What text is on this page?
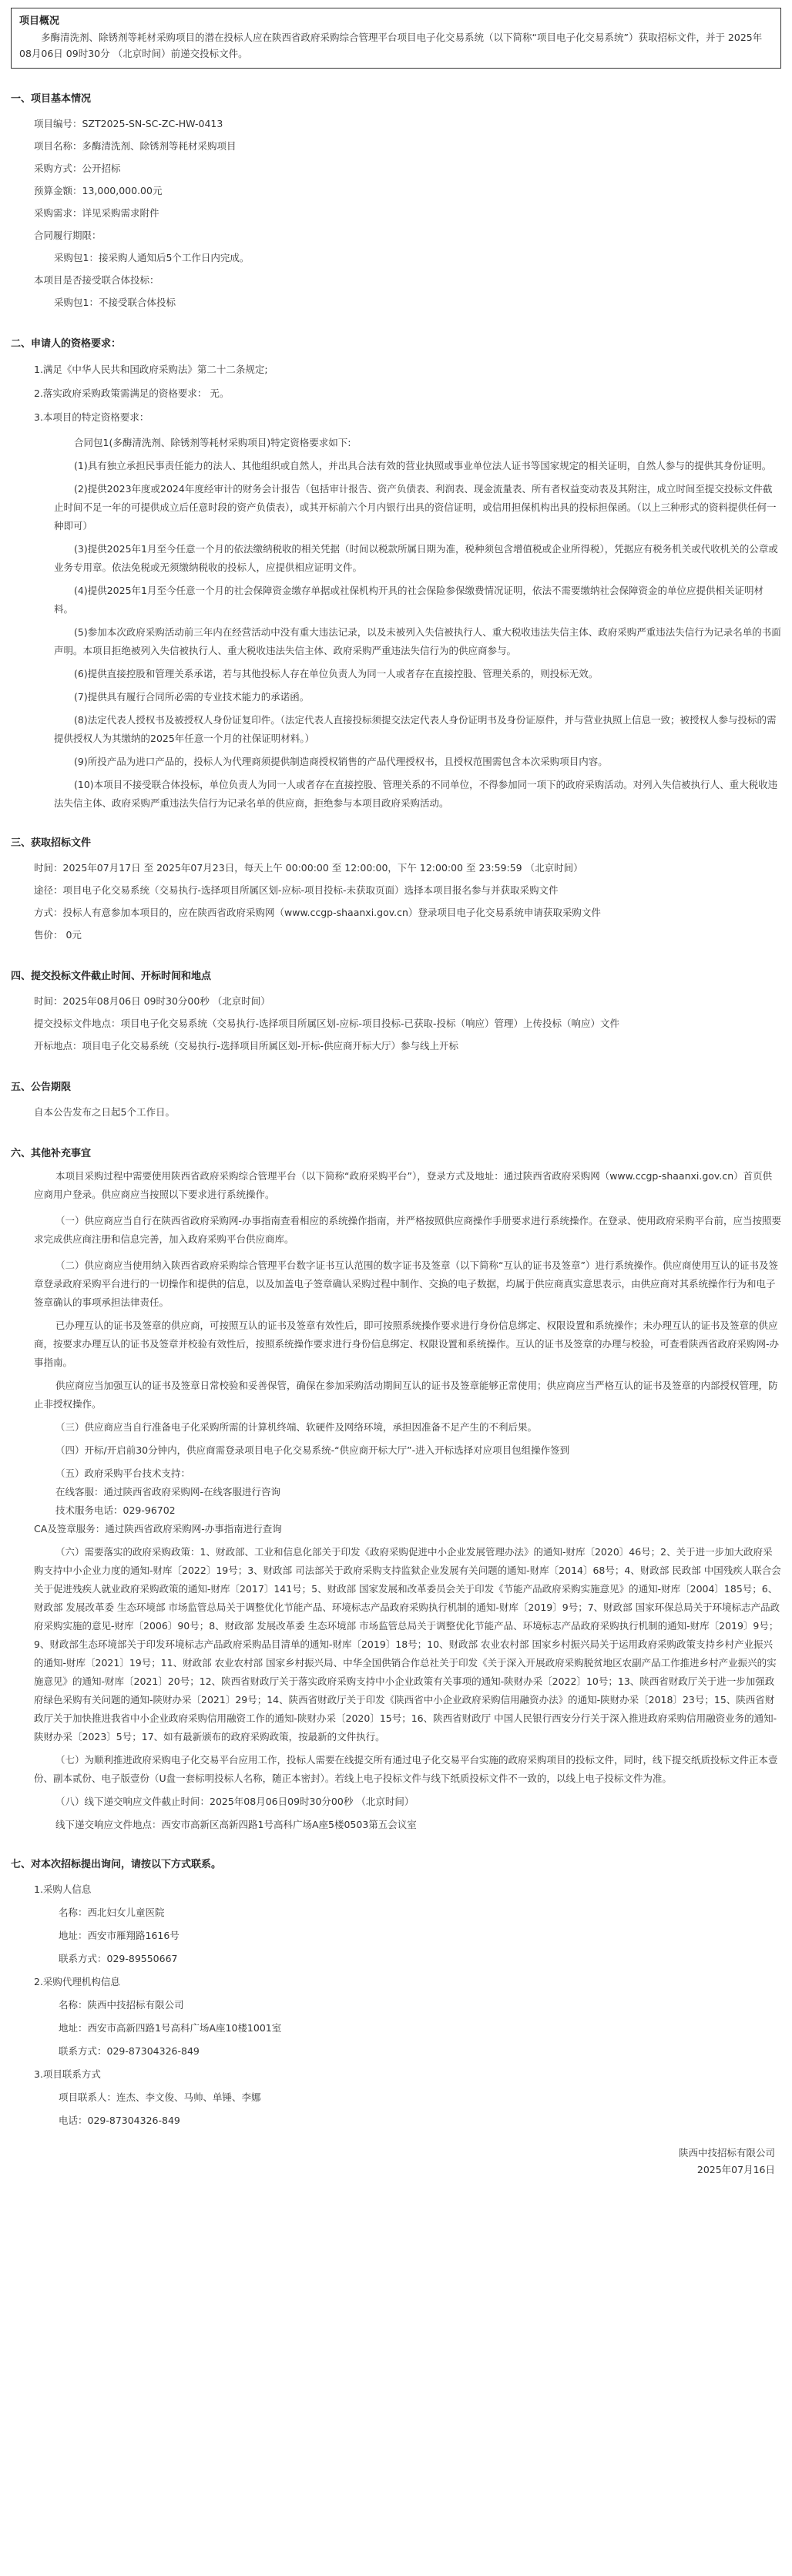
项目概况
多酶清洗剂、除锈剂等耗材采购项目的潜在投标人应在陕西省政府采购综合管理平台项目电子化交易系统（以下简称“项目电子化交易系统”）获取招标文件，并于 2025年08月06日 09时30分 （北京时间）前递交投标文件。
一、项目基本情况
项目编号：SZT2025-SN-SC-ZC-HW-0413
项目名称：多酶清洗剂、除锈剂等耗材采购项目
采购方式：公开招标
预算金额：13,000,000.00元
采购需求：详见采购需求附件
合同履行期限：
采购包1：接采购人通知后5个工作日内完成。
本项目是否接受联合体投标：
采购包1：不接受联合体投标
二、申请人的资格要求：
1.满足《中华人民共和国政府采购法》第二十二条规定;
2.落实政府采购政策需满足的资格要求： 无。
3.本项目的特定资格要求：
合同包1(多酶清洗剂、除锈剂等耗材采购项目)特定资格要求如下:
(1)具有独立承担民事责任能力的法人、其他组织或自然人，并出具合法有效的营业执照或事业单位法人证书等国家规定的相关证明，自然人参与的提供其身份证明。
(2)提供2023年度或2024年度经审计的财务会计报告（包括审计报告、资产负债表、利润表、现金流量表、所有者权益变动表及其附注，成立时间至提交投标文件截止时间不足一年的可提供成立后任意时段的资产负债表），或其开标前六个月内银行出具的资信证明，或信用担保机构出具的投标担保函。（以上三种形式的资料提供任何一种即可）
(3)提供2025年1月至今任意一个月的依法缴纳税收的相关凭据（时间以税款所属日期为准，税种须包含增值税或企业所得税），凭据应有税务机关或代收机关的公章或业务专用章。依法免税或无须缴纳税收的投标人，应提供相应证明文件。
(4)提供2025年1月至今任意一个月的社会保障资金缴存单据或社保机构开具的社会保险参保缴费情况证明，依法不需要缴纳社会保障资金的单位应提供相关证明材料。
(5)参加本次政府采购活动前三年内在经营活动中没有重大违法记录，以及未被列入失信被执行人、重大税收违法失信主体、政府采购严重违法失信行为记录名单的书面声明。本项目拒绝被列入失信被执行人、重大税收违法失信主体、政府采购严重违法失信行为的供应商参与。
(6)提供直接控股和管理关系承诺，若与其他投标人存在单位负责人为同一人或者存在直接控股、管理关系的，则投标无效。
(7)提供具有履行合同所必需的专业技术能力的承诺函。
(8)法定代表人授权书及被授权人身份证复印件。（法定代表人直接投标须提交法定代表人身份证明书及身份证原件，并与营业执照上信息一致；被授权人参与投标的需提供授权人为其缴纳的2025年任意一个月的社保证明材料。）
(9)所投产品为进口产品的，投标人为代理商须提供制造商授权销售的产品代理授权书，且授权范围需包含本次采购项目内容。
(10)本项目不接受联合体投标，单位负责人为同一人或者存在直接控股、管理关系的不同单位，不得参加同一项下的政府采购活动。对列入失信被执行人、重大税收违法失信主体、政府采购严重违法失信行为记录名单的供应商，拒绝参与本项目政府采购活动。
三、获取招标文件
时间：2025年07月17日 至 2025年07月23日，每天上午 00:00:00 至 12:00:00，下午 12:00:00 至 23:59:59 （北京时间）
途径：项目电子化交易系统（交易执行-选择项目所属区划-应标-项目投标-未获取页面）选择本项目报名参与并获取采购文件
方式：投标人有意参加本项目的，应在陕西省政府采购网（www.ccgp-shaanxi.gov.cn）登录项目电子化交易系统申请获取采购文件
售价： 0元
四、提交投标文件截止时间、开标时间和地点
时间：2025年08月06日 09时30分00秒 （北京时间）
提交投标文件地点：项目电子化交易系统（交易执行-选择项目所属区划-应标-项目投标-已获取-投标（响应）管理）上传投标（响应）文件
开标地点：项目电子化交易系统（交易执行-选择项目所属区划-开标-供应商开标大厅）参与线上开标
五、公告期限
自本公告发布之日起5个工作日。
六、其他补充事宜
本项目采购过程中需要使用陕西省政府采购综合管理平台（以下简称“政府采购平台”），登录方式及地址：通过陕西省政府采购网（www.ccgp-shaanxi.gov.cn）首页供应商用户登录。供应商应当按照以下要求进行系统操作。
（一）供应商应当自行在陕西省政府采购网-办事指南查看相应的系统操作指南，并严格按照供应商操作手册要求进行系统操作。在登录、使用政府采购平台前，应当按照要求完成供应商注册和信息完善，加入政府采购平台供应商库。
（二）供应商应当使用纳入陕西省政府采购综合管理平台数字证书互认范围的数字证书及签章（以下简称“互认的证书及签章”）进行系统操作。供应商使用互认的证书及签章登录政府采购平台进行的一切操作和提供的信息，以及加盖电子签章确认采购过程中制作、交换的电子数据，均属于供应商真实意思表示，由供应商对其系统操作行为和电子签章确认的事项承担法律责任。
已办理互认的证书及签章的供应商，可按照互认的证书及签章有效性后，即可按照系统操作要求进行身份信息绑定、权限设置和系统操作；未办理互认的证书及签章的供应商，按要求办理互认的证书及签章并校验有效性后，按照系统操作要求进行身份信息绑定、权限设置和系统操作。互认的证书及签章的办理与校验，可查看陕西省政府采购网-办事指南。
供应商应当加强互认的证书及签章日常校验和妥善保管，确保在参加采购活动期间互认的证书及签章能够正常使用；供应商应当严格互认的证书及签章的内部授权管理，防止非授权操作。
（三）供应商应当自行准备电子化采购所需的计算机终端、软硬件及网络环境，承担因准备不足产生的不利后果。
（四）开标/开启前30分钟内，供应商需登录项目电子化交易系统-“供应商开标大厅”-进入开标选择对应项目包组操作签到
（五）政府采购平台技术支持：
在线客服：通过陕西省政府采购网-在线客服进行咨询
技术服务电话：029-96702
CA及签章服务：通过陕西省政府采购网-办事指南进行查询
（六）需要落实的政府采购政策：1、财政部、工业和信息化部关于印发《政府采购促进中小企业发展管理办法》的通知-财库〔2020〕46号；2、关于进一步加大政府采购支持中小企业力度的通知-财库〔2022〕19号；3、财政部 司法部关于政府采购支持监狱企业发展有关问题的通知-财库〔2014〕68号；4、财政部 民政部 中国残疾人联合会关于促进残疾人就业政府采购政策的通知-财库〔2017〕141号；5、财政部 国家发展和改革委员会关于印发《节能产品政府采购实施意见》的通知-财库〔2004〕185号；6、财政部 发展改革委 生态环境部 市场监管总局关于调整优化节能产品、环境标志产品政府采购执行机制的通知-财库〔2019〕9号；7、财政部 国家环保总局关于环境标志产品政府采购实施的意见-财库〔2006〕90号；8、财政部 发展改革委 生态环境部 市场监管总局关于调整优化节能产品、环境标志产品政府采购执行机制的通知-财库〔2019〕9号；9、财政部生态环境部关于印发环境标志产品政府采购品目清单的通知-财库〔2019〕18号；10、财政部 农业农村部 国家乡村振兴局关于运用政府采购政策支持乡村产业振兴的通知-财库〔2021〕19号；11、财政部 农业农村部 国家乡村振兴局、中华全国供销合作总社关于印发《关于深入开展政府采购脱贫地区农副产品工作推进乡村产业振兴的实施意见》的通知-财库〔2021〕20号；12、陕西省财政厅关于落实政府采购支持中小企业政策有关事项的通知-陕财办采〔2022〕10号；13、陕西省财政厅关于进一步加强政府绿色采购有关问题的通知-陕财办采〔2021〕29号；14、陕西省财政厅关于印发《陕西省中小企业政府采购信用融资办法》的通知-陕财办采〔2018〕23号；15、陕西省财政厅关于加快推进我省中小企业政府采购信用融资工作的通知-陕财办采〔2020〕15号；16、陕西省财政厅 中国人民银行西安分行关于深入推进政府采购信用融资业务的通知-陕财办采〔2023〕5号；17、如有最新颁布的政府采购政策，按最新的文件执行。
（七）为顺利推进政府采购电子化交易平台应用工作，投标人需要在线提交所有通过电子化交易平台实施的政府采购项目的投标文件，同时，线下提交纸质投标文件正本壹份、副本贰份、电子版壹份（U盘一套标明投标人名称，随正本密封）。若线上电子投标文件与线下纸质投标文件不一致的，以线上电子投标文件为准。
（八）线下递交响应文件截止时间：2025年08月06日09时30分00秒 （北京时间）
线下递交响应文件地点：西安市高新区高新四路1号高科广场A座5楼0503第五会议室
七、对本次招标提出询问，请按以下方式联系。
1.采购人信息
名称：西北妇女儿童医院
地址：西安市雁翔路1616号
联系方式：029-89550667
2.采购代理机构信息
名称：陕西中技招标有限公司
地址：西安市高新四路1号高科广场A座10楼1001室
联系方式：029-87304326-849
3.项目联系方式
项目联系人：连杰、李文俊、马帅、单锤、李娜
电话：029-87304326-849
陕西中技招标有限公司
2025年07月16日
